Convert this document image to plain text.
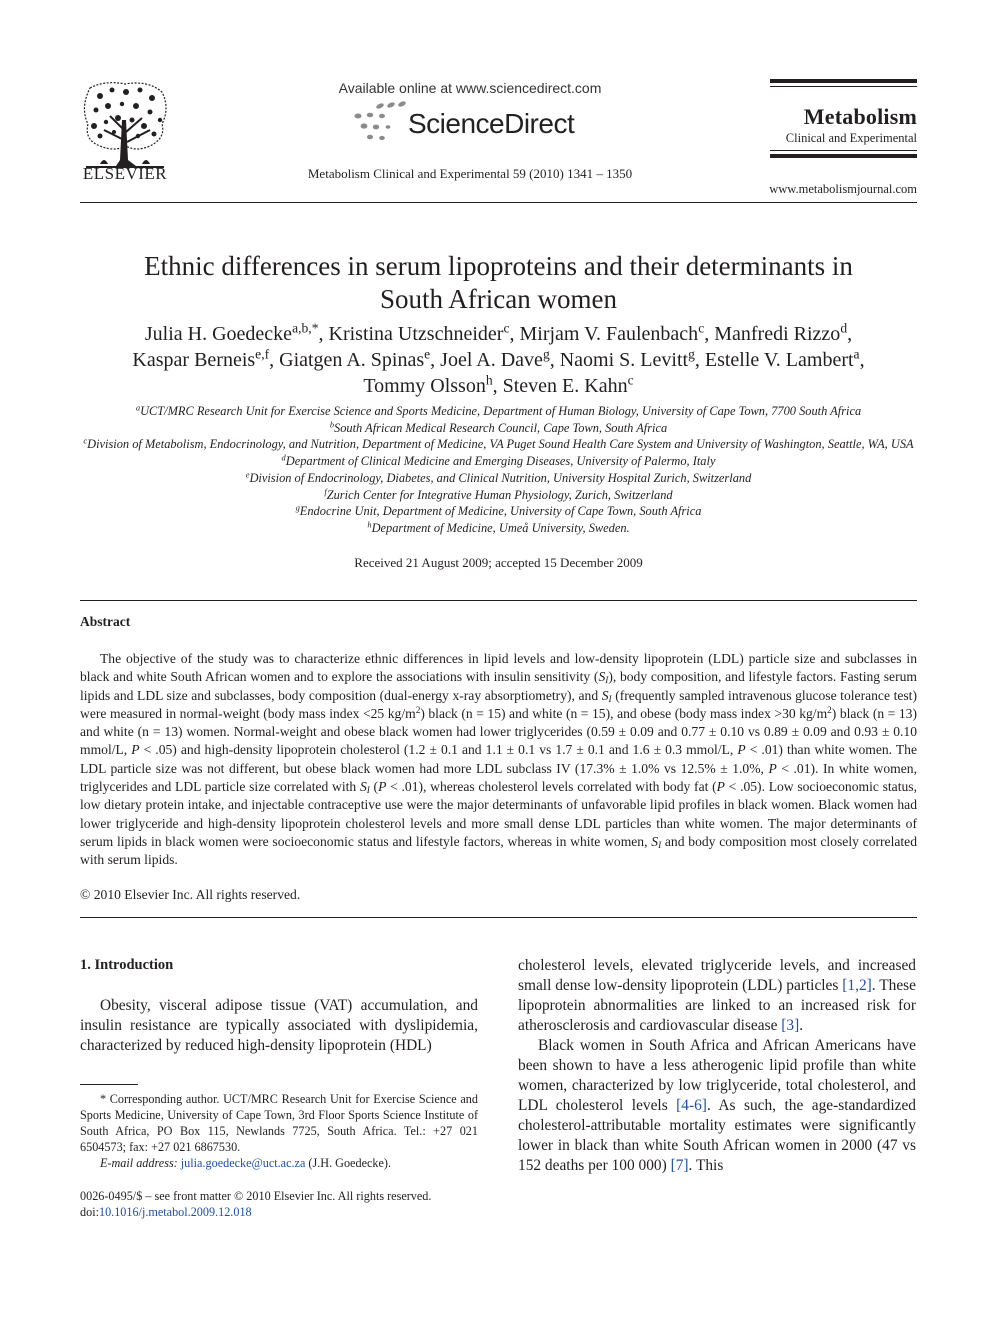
ELSEVIER
Available online at www.sciencedirect.com
ScienceDirect
Metabolism Clinical and Experimental 59 (2010) 1341 – 1350
Metabolism
Clinical and Experimental
www.metabolismjournal.com
Ethnic differences in serum lipoproteins and their determinants in
South African women
Julia H. Goedecke$^{a,b,*}$, Kristina Utzschneider$^c$, Mirjam V. Faulenbach$^c$, Manfredi Rizzo$^d$,
Kaspar Berneis$^{e,f}$, Giatgen A. Spinas$^e$, Joel A. Dave$^g$, Naomi S. Levitt$^g$, Estelle V. Lambert$^a$,
Tommy Olsson$^h$, Steven E. Kahn$^c$
$^a$UCT/MRC Research Unit for Exercise Science and Sports Medicine, Department of Human Biology, University of Cape Town, 7700 South Africa
$^b$South African Medical Research Council, Cape Town, South Africa
$^c$Division of Metabolism, Endocrinology, and Nutrition, Department of Medicine, VA Puget Sound Health Care System and University of Washington, Seattle, WA, USA
$^d$Department of Clinical Medicine and Emerging Diseases, University of Palermo, Italy
$^e$Division of Endocrinology, Diabetes, and Clinical Nutrition, University Hospital Zurich, Switzerland
$^f$Zurich Center for Integrative Human Physiology, Zurich, Switzerland
$^g$Endocrine Unit, Department of Medicine, University of Cape Town, South Africa
$^h$Department of Medicine, Umeå University, Sweden.
Received 21 August 2009; accepted 15 December 2009
Abstract

The objective of the study was to characterize ethnic differences in lipid levels and low-density lipoprotein (LDL) particle size and subclasses in black and white South African women and to explore the associations with insulin sensitivity $(S_I)$, body composition, and lifestyle factors. Fasting serum lipids and LDL size and subclasses, body composition (dual-energy x-ray absorptiometry), and $S_I$ (frequently sampled intravenous glucose tolerance test) were measured in normal-weight (body mass index <25 $kg/m^2$) black (n = 15) and white (n = 15), and obese (body mass index >30 $kg/m^2$) black (n = 13) and white (n = 13) women. Normal-weight and obese black women had lower triglycerides (0.59 ± 0.09 and 0.77 ± 0.10 vs 0.89 ± 0.09 and 0.93 ± 0.10 mmol/L, P < .05) and high-density lipoprotein cholesterol (1.2 ± 0.1 and 1.1 ± 0.1 vs 1.7 ± 0.1 and 1.6 ± 0.3 mmol/L, P < .01) than white women. The LDL particle size was not different, but obese black women had more LDL subclass IV (17.3% ± 1.0% vs 12.5% ± 1.0%, P < .01). In white women, triglycerides and LDL particle size correlated with $S_I$ (P < .01), whereas cholesterol levels correlated with body fat (P < .05). Low socioeconomic status, low dietary protein intake, and injectable contraceptive use were the major determinants of unfavorable lipid profiles in black women. Black women had lower triglyceride and high-density lipoprotein cholesterol levels and more small dense LDL particles than white women. The major determinants of serum lipids in black women were socioeconomic status and lifestyle factors, whereas in white women, $S_I$ and body composition most closely correlated with serum lipids.

© 2010 Elsevier Inc. All rights reserved.
1. Introduction

Obesity, visceral adipose tissue (VAT) accumulation, and insulin resistance are typically associated with dyslipidemia, characterized by reduced high-density lipoprotein (HDL)

* Corresponding author. UCT/MRC Research Unit for Exercise Science and Sports Medicine, University of Cape Town, 3rd Floor Sports Science Institute of South Africa, PO Box 115, Newlands 7725, South Africa. Tel.: +27 021 6504573; fax: +27 021 6867530.

E-mail address: julia.goedecke@uct.ac.za (J.H. Goedecke).

0026-0495/$ – see front matter © 2010 Elsevier Inc. All rights reserved.
doi:10.1016/j.metabol.2009.12.018

cholesterol levels, elevated triglyceride levels, and increased small dense low-density lipoprotein (LDL) particles [1,2]. These lipoprotein abnormalities are linked to an increased risk for atherosclerosis and cardiovascular disease [3].

Black women in South Africa and African Americans have been shown to have a less atherogenic lipid profile than white women, characterized by low triglyceride, total cholesterol, and LDL cholesterol levels [4-6]. As such, the age-standardized cholesterol-attributable mortality estimates were significantly lower in black than white South African women in 2000 (47 vs 152 deaths per 100 000) [7]. This
